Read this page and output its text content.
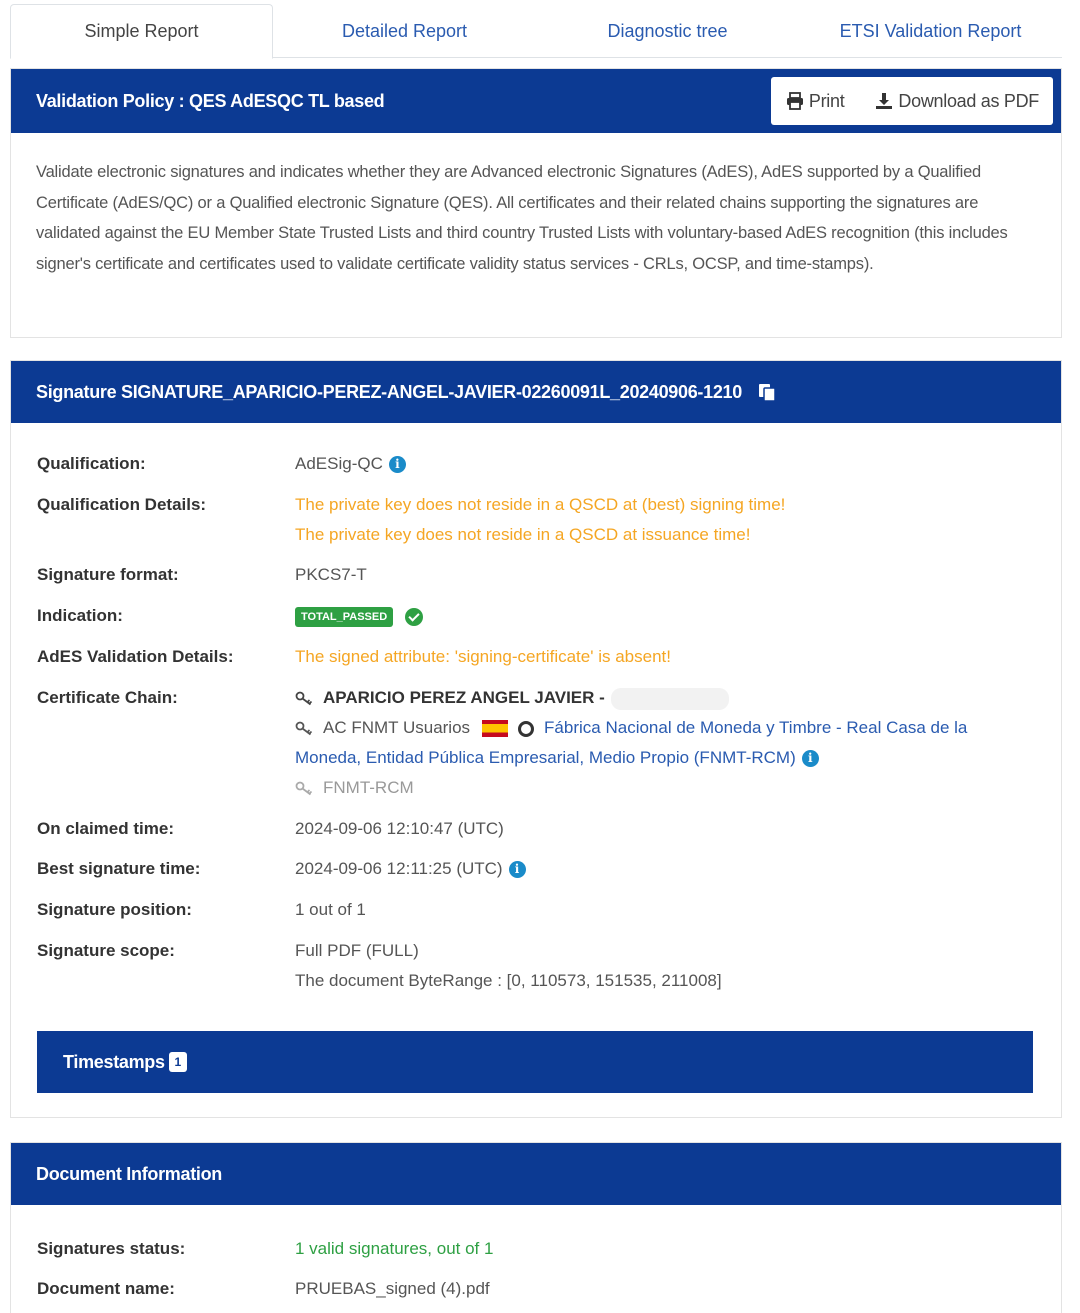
Simple Report	Detailed Report	Diagnostic tree	ETSI Validation Report
Validation Policy : QES AdESQC TL based	Print	Download as PDF
Validate electronic signatures and indicates whether they are Advanced electronic Signatures (AdES), AdES supported by a Qualified Certificate (AdES/QC) or a Qualified electronic Signature (QES). All certificates and their related chains supporting the signatures are validated against the EU Member State Trusted Lists and third country Trusted Lists with voluntary-based AdES recognition (this includes signer's certificate and certificates used to validate certificate validity status services - CRLs, OCSP, and time-stamps).
Signature SIGNATURE_APARICIO-PEREZ-ANGEL-JAVIER-02260091L_20240906-1210
Qualification:	AdESig-QC i
Qualification Details:	The private key does not reside in a QSCD at (best) signing time!
The private key does not reside in a QSCD at issuance time!
Signature format:	PKCS7-T
Indication:	TOTAL_PASSED
AdES Validation Details:	The signed attribute: 'signing-certificate' is absent!
Certificate Chain:	APARICIO PEREZ ANGEL JAVIER -
AC FNMT Usuarios	Fábrica Nacional de Moneda y Timbre - Real Casa de la Moneda, Entidad Pública Empresarial, Medio Propio (FNMT-RCM) i
FNMT-RCM
On claimed time:	2024-09-06 12:10:47 (UTC)
Best signature time:	2024-09-06 12:11:25 (UTC) i
Signature position:	1 out of 1
Signature scope:	Full PDF (FULL)
The document ByteRange : [0, 110573, 151535, 211008]
Timestamps 1
Document Information
Signatures status:	1 valid signatures, out of 1
Document name:	PRUEBAS_signed (4).pdf
